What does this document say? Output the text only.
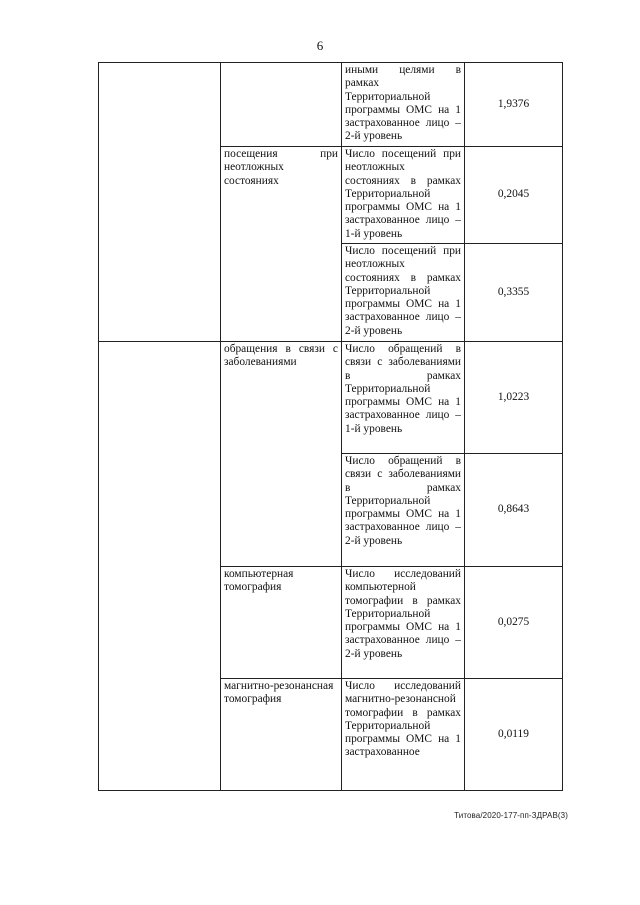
6
		иными целями в рамках Территориальной программы ОМС на 1 застрахованное лицо – 2-й уровень	1,9376
	посещения при неотложных состояниях	Число посещений при неотложных состояниях в рамках Территориальной программы ОМС на 1 застрахованное лицо – 1-й уровень	0,2045
		Число посещений при неотложных состояниях в рамках Территориальной программы ОМС на 1 застрахованное лицо – 2-й уровень	0,3355
	обращения в связи с заболеваниями	Число обращений в связи с заболеваниями в рамках Территориальной программы ОМС на 1 застрахованное лицо – 1-й уровень	1,0223
		Число обращений в связи с заболеваниями в рамках Территориальной программы ОМС на 1 застрахованное лицо – 2-й уровень	0,8643
	компьютерная томография	Число исследований компьютерной томографии в рамках Территориальной программы ОМС на 1 застрахованное лицо – 2-й уровень	0,0275
	магнитно-резонансная томография	Число исследований магнитно-резонансной томографии в рамках Территориальной программы ОМС на 1 застрахованное	0,0119
Титова/2020-177-пп-ЗДРАВ(3)
